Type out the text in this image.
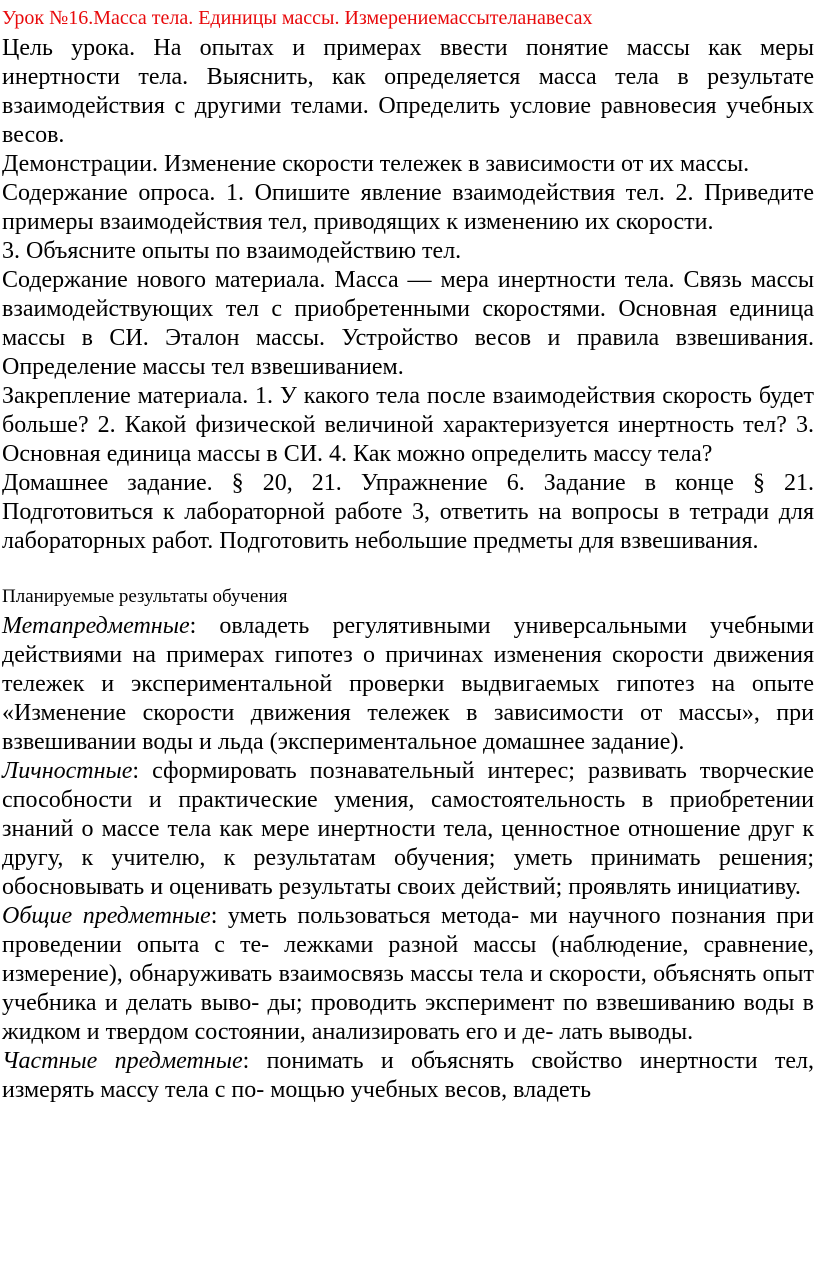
Урок №16.Масса тела. Единицы массы. Измерениемассытеланавесах

Цель урока. На опытах и примерах ввести понятие массы как меры инертности тела. Выяснить, как определяется масса тела в результате взаимодействия с другими телами. Определить условие равновесия учебных весов.

Демонстрации. Изменение скорости тележек в зависимости от их массы.

Содержание опроса. 1. Опишите явление взаимодействия тел. 2. Приведите примеры взаимодействия тел, приводящих к изменению их скорости.

3. Объясните опыты по взаимодействию тел.

Содержание нового материала. Масса — мера инертности тела. Связь массы взаимодействующих тел с приобретенными скоростями. Основная единица массы в СИ. Эталон массы. Устройство весов и правила взвешивания. Определение массы тел взвешиванием.

Закрепление материала. 1. У какого тела после взаимодействия скорость будет больше? 2. Какой физической величиной характеризуется инертность тел? 3. Основная единица массы в СИ. 4. Как можно определить массу тела?

Домашнее задание. § 20, 21. Упражнение 6. Задание в конце § 21. Подготовиться к лабораторной работе 3, ответить на вопросы в тетради для лабораторных работ. Подготовить небольшие предметы для взвешивания.

Планируемые результаты обучения

Метапредметные: овладеть регулятивными универсальными учебными действиями на примерах гипотез о причинах изменения скорости движения тележек и экспериментальной проверки выдвигаемых гипотез на опыте «Изменение скорости движения тележек в зависимости от массы», при взвешивании воды и льда (экспериментальное домашнее задание).

Личностные: сформировать познавательный интерес; развивать творческие способности и практические умения, самостоятельность в приобретении знаний о массе тела как мере инертности тела, ценностное отношение друг к другу, к учителю, к результатам обучения; уметь принимать решения; обосновывать и оценивать результаты своих действий; проявлять инициативу.

Общие предметные: уметь пользоваться метода- ми научного познания при проведении опыта с те- лежками разной массы (наблюдение, сравнение, измерение), обнаруживать взаимосвязь массы тела и скорости, объяснять опыт учебника и делать выво- ды; проводить эксперимент по взвешиванию воды в жидком и твердом состоянии, анализировать его и де- лать выводы.

Частные предметные: понимать и объяснять свойство инертности тел, измерять массу тела с по- мощью учебных весов, владеть
